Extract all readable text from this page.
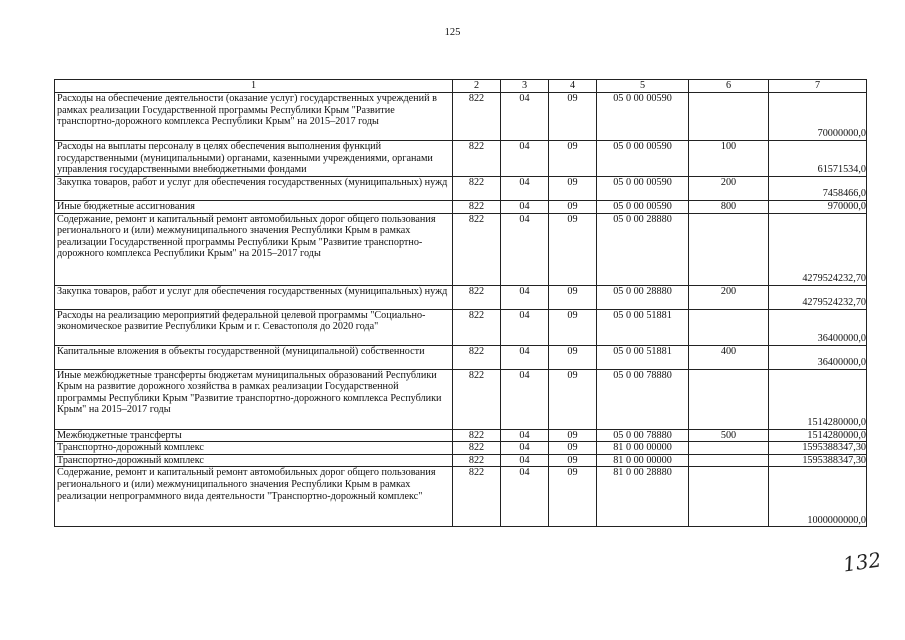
125
1	2	3	4	5	6	7
Расходы на обеспечение деятельности (оказание услуг) государственных учреждений в рамках реализации Государственной программы Республики Крым "Развитие транспортно-дорожного комплекса Республики Крым" на 2015–2017 годы	822	04	09	05 0 00 00590		70000000,0
Расходы на выплаты персоналу в целях обеспечения выполнения функций государственными (муниципальными) органами, казенными учреждениями, органами управления государственными внебюджетными фондами	822	04	09	05 0 00 00590	100	61571534,0
Закупка товаров, работ и услуг для обеспечения государственных (муниципальных) нужд	822	04	09	05 0 00 00590	200	7458466,0
Иные бюджетные ассигнования	822	04	09	05 0 00 00590	800	970000,0
Содержание, ремонт и капитальный ремонт автомобильных дорог общего пользования регионального и (или) межмуниципального значения Республики Крым в рамках реализации Государственной программы Республики Крым "Развитие транспортно-дорожного комплекса Республики Крым" на 2015–2017 годы	822	04	09	05 0 00 28880		4279524232,70
Закупка товаров, работ и услуг для обеспечения государственных (муниципальных) нужд	822	04	09	05 0 00 28880	200	4279524232,70
Расходы на реализацию мероприятий федеральной целевой программы "Социально-экономическое развитие Республики Крым и г. Севастополя до 2020 года"	822	04	09	05 0 00 51881		36400000,0
Капитальные вложения в объекты государственной (муниципальной) собственности	822	04	09	05 0 00 51881	400	36400000,0
Иные межбюджетные трансферты бюджетам муниципальных образований Республики Крым на развитие дорожного хозяйства в рамках реализации Государственной программы Республики Крым "Развитие транспортно-дорожного комплекса Республики Крым" на 2015–2017 годы	822	04	09	05 0 00 78880		1514280000,0
Межбюджетные трансферты	822	04	09	05 0 00 78880	500	1514280000,0
Транспортно-дорожный комплекс	822	04	09	81 0 00 00000		1595388347,30
Транспортно-дорожный комплекс	822	04	09	81 0 00 00000		1595388347,30
Содержание, ремонт и капитальный ремонт автомобильных дорог общего пользования регионального и (или) межмуниципального значения Республики Крым в рамках реализации непрограммного вида деятельности "Транспортно-дорожный комплекс"	822	04	09	81 0 00 28880		1000000000,0
132
